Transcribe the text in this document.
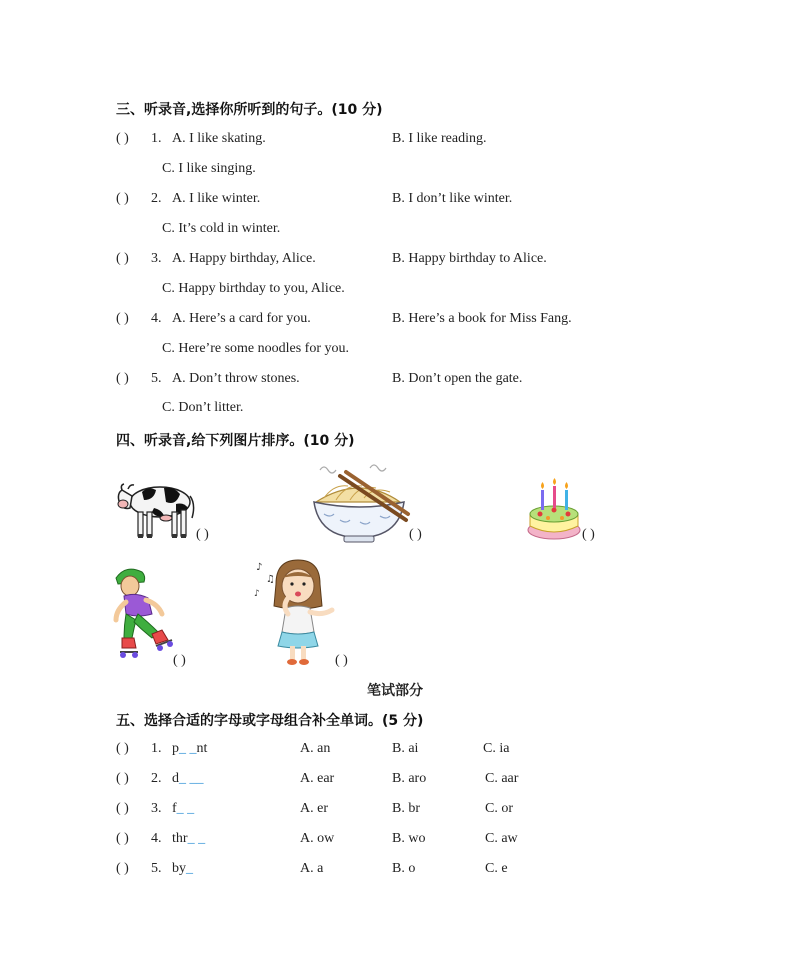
三、听录音,选择你所听到的句子。(10 分)
( ) 1. A. I like skating.	B. I like reading.
C. I like singing.
( ) 2. A. I like winter.	B. I don’t like winter.
C. It’s cold in winter.
( ) 3. A. Happy birthday, Alice.	B. Happy birthday to Alice.
C. Happy birthday to you, Alice.
( ) 4. A. Here’s a card for you.	B. Here’s a book for Miss Fang.
C. Here’re some noodles for you.
( ) 5. A. Don’t throw stones.	B. Don’t open the gate.
C. Don’t litter.
四、听录音,给下列图片排序。(10 分)
( )	( )	( )
( )
♪
♫
♪
( )
笔试部分
五、选择合适的字母或字母组合补全单词。(5 分)
( ) 1. p_ _nt	A. an	B. ai	C. ia
( ) 2. d_ __	A. ear	B. aro	C. aar
( ) 3. f_ _	A. er	B. br	C. or
( ) 4. thr_ _	A. ow	B. wo	C. aw
( ) 5. by_	A. a	B. o	C. e
